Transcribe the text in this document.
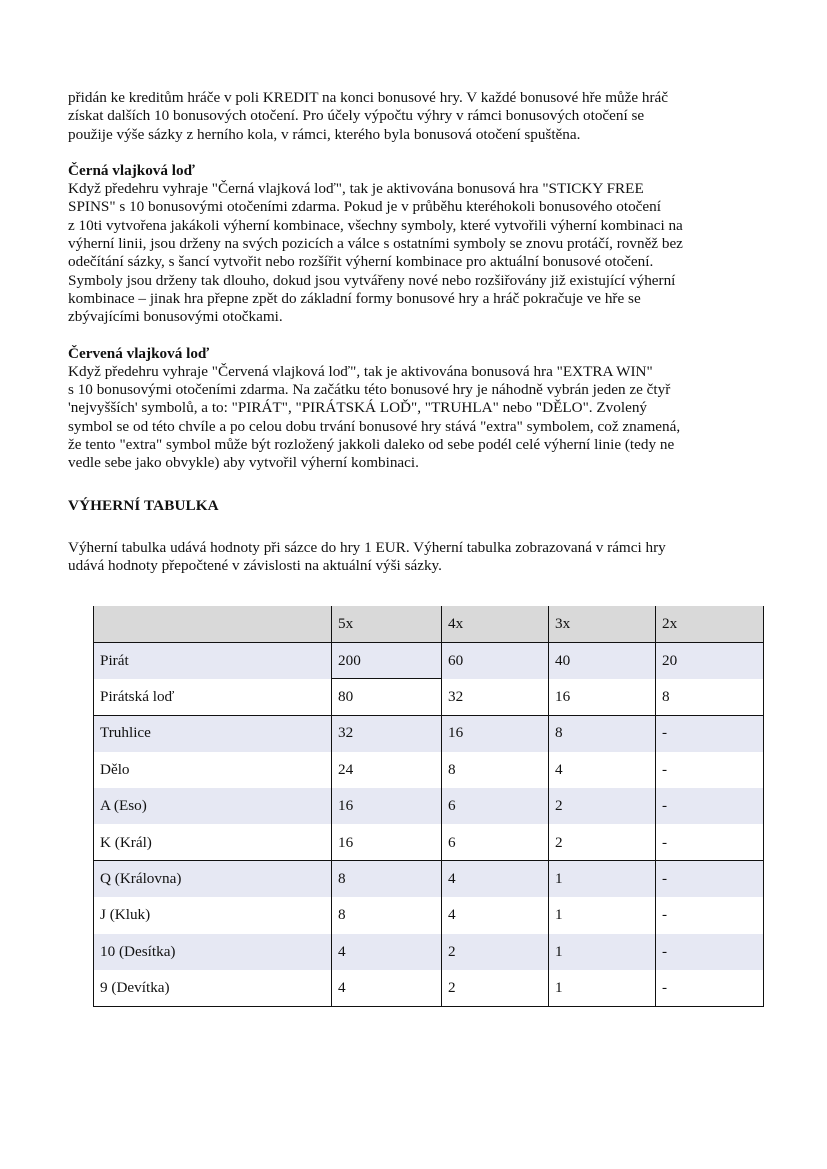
přidán ke kreditům hráče v poli KREDIT na konci bonusové hry. V každé bonusové hře může hráč
získat dalších 10 bonusových otočení. Pro účely výpočtu výhry v rámci bonusových otočení se
použije výše sázky z herního kola, v rámci, kterého byla bonusová otočení spuštěna.

Černá vlajková loď

Když předehru vyhraje "Černá vlajková loď", tak je aktivována bonusová hra "STICKY FREE
SPINS" s 10 bonusovými otočeními zdarma. Pokud je v průběhu kteréhokoli bonusového otočení
z 10ti vytvořena jakákoli výherní kombinace, všechny symboly, které vytvořili výherní kombinaci na
výherní linii, jsou drženy na svých pozicích a válce s ostatními symboly se znovu protáčí, rovněž bez
odečítání sázky, s šancí vytvořit nebo rozšířit výherní kombinace pro aktuální bonusové otočení.
Symboly jsou drženy tak dlouho, dokud jsou vytvářeny nové nebo rozšiřovány již existující výherní
kombinace – jinak hra přepne zpět do základní formy bonusové hry a hráč pokračuje ve hře se
zbývajícími bonusovými otočkami.

Červená vlajková loď

Když předehru vyhraje "Červená vlajková loď", tak je aktivována bonusová hra "EXTRA WIN"
s 10 bonusovými otočeními zdarma. Na začátku této bonusové hry je náhodně vybrán jeden ze čtyř
'nejvyšších' symbolů, a to: "PIRÁT", "PIRÁTSKÁ LOĎ", "TRUHLA" nebo "DĚLO". Zvolený
symbol se od této chvíle a po celou dobu trvání bonusové hry stává "extra" symbolem, což znamená,
že tento "extra" symbol může být rozložený jakkoli daleko od sebe podél celé výherní linie (tedy ne
vedle sebe jako obvykle) aby vytvořil výherní kombinaci.

VÝHERNÍ TABULKA

Výherní tabulka udává hodnoty při sázce do hry 1 EUR. Výherní tabulka zobrazovaná v rámci hry
udává hodnoty přepočtené v závislosti na aktuální výši sázky.

	5x	4x	3x	2x
Pirát	200	60	40	20
Pirátská loď	80	32	16	8
Truhlice	32	16	8	-
Dělo	24	8	4	-
A (Eso)	16	6	2	-
K (Král)	16	6	2	-
Q (Královna)	8	4	1	-
J (Kluk)	8	4	1	-
10 (Desítka)	4	2	1	-
9 (Devítka)	4	2	1	-
